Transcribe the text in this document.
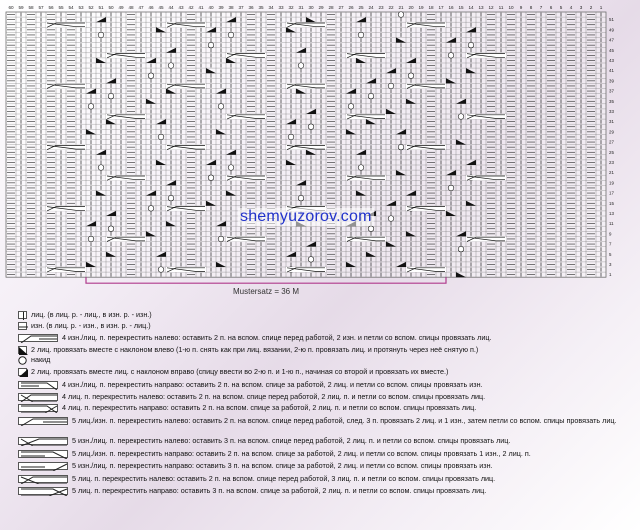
60 59 58 57 56 55 54 53 52 51 50 49 48 47 46 45 44 43 42 41 40 39 38 37 36 35 34 33 32 31 30 29 28 27 26 25 24 23 22 21 20 19 18 17 16 15 14 13 12 11 10 9 8 7 6 5 4 3 2 1
51
49
47
45
43
41
39
37
35
33
31
29
27
25
23
21
19
17
15
13
11
9
7
5
3
1
Mustersatz = 36 M
shemyuzorov.com
лиц. (в лиц. р. - лиц., в изн. р. - изн.)
изн. (в лиц. р. - изн., в изн. р. - лиц.)
4 изн./лиц. п. перекрестить налево: оставить 2 п. на вспом. спице перед работой, 2 изн. и петли со вспом. спицы провязать лиц.
2 лиц. провязать вместе с наклоном влево (1-ю п. снять как при лиц. вязании, 2-ю п. провязать лиц. и протянуть через неё снятую п.)
накид
2 лиц. провязать вместе лиц. с наклоном вправо (спицу ввести во 2-ю п. и 1-ю п., начиная со второй и провязать их вместе.)
4 изн./лиц. п. перекрестить направо: оставить 2 п. на вспом. спице за работой, 2 лиц. и петли со вспом. спицы провязать изн.
4 лиц. п. перекрестить налево: оставить 2 п. на вспом. спице перед работой, 2 лиц. п. и петли со вспом. спицы провязать лиц.
4 лиц. п. перекрестить направо: оставить 2 п. на вспом. спице за работой, 2 лиц. п. и петли со вспом. спицы провязать лиц.
5 лиц./изн. п. перекрестить налево: оставить 2 п. на вспом. спице перед работой, след. 3 п. провязать 2 лиц. и 1 изн., затем петли со вспом. спицы провязать лиц.
5 изн./лиц. п. перекрестить налево: оставить 3 п. на вспом. спице перед работой, 2 лиц. п. и петли со вспом. спицы провязать лиц.
5 лиц./изн. п. перекрестить направо: оставить 2 п. на вспом. спице за работой, 2 лиц. и петли со вспом. спицы провязать 1 изн., 2 лиц. п.
5 изн./лиц. п. перекрестить направо: оставить 3 п. на вспом. спице за работой, 2 лиц. и петли со вспом. спицы провязать изн.
5 лиц. п. перекрестить налево: оставить 2 п. на вспом. спице перед работой, 3 лиц. п. и петли со вспом. спицы провязать лиц.
5 лиц. п. перекрестить направо: оставить 3 п. на вспом. спице за работой, 2 лиц. п. и петли со вспом. спицы провязать лиц.
